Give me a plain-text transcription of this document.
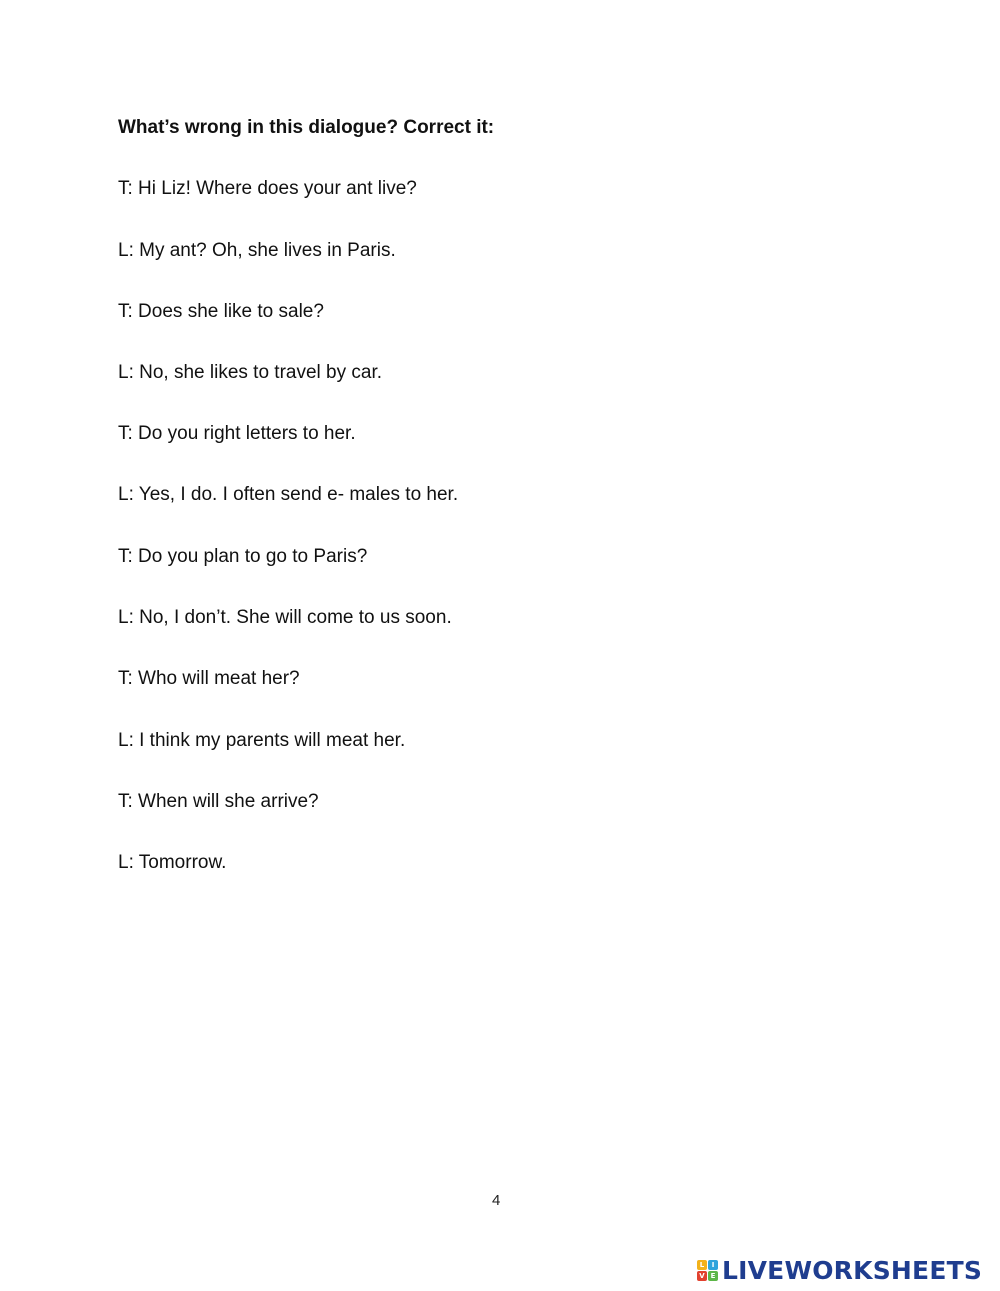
What’s wrong in this dialogue? Correct it:
T: Hi Liz! Where does your ant live?
L: My ant? Oh, she lives in Paris.
T: Does she like to sale?
L: No, she likes to travel by car.
T: Do you right letters to her.
L: Yes, I do. I often send e- males to her.
T: Do you plan to go to Paris?
L: No, I don’t. She will come to us soon.
T: Who will meat her?
L: I think my parents will meat her.
T: When will she arrive?
L: Tomorrow.
4
L	I
V E LIVEWORKSHEETS
